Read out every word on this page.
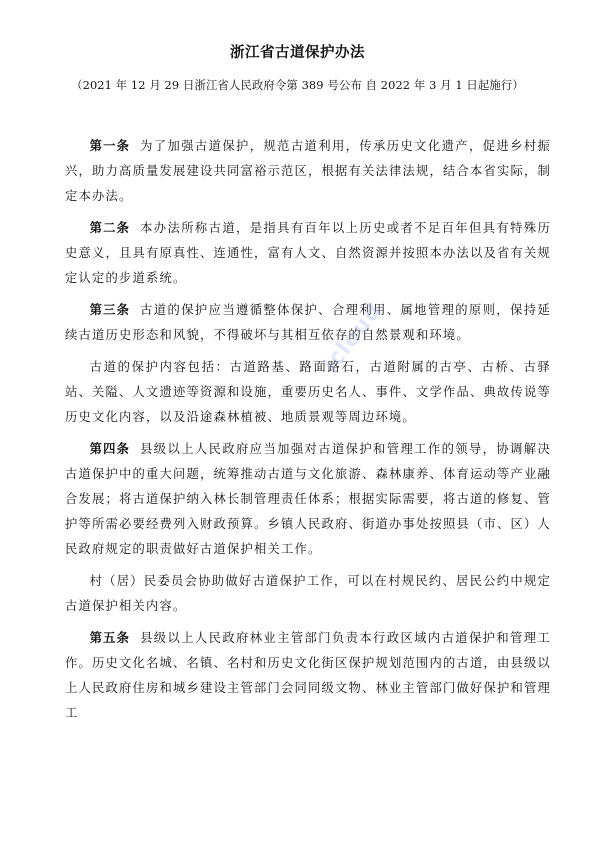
浙江省古道保护办法
（2021 年 12 月 29 日浙江省人民政府令第 389 号公布 自 2022 年 3 月 1 日起施行）

第一条 为了加强古道保护，规范古道利用，传承历史文化遗产，促进乡村振兴，助力高质量发展建设共同富裕示范区，根据有关法律法规，结合本省实际，制定本办法。

第二条 本办法所称古道，是指具有百年以上历史或者不足百年但具有特殊历史意义，且具有原真性、连通性，富有人文、自然资源并按照本办法以及省有关规定认定的步道系统。

第三条 古道的保护应当遵循整体保护、合理利用、属地管理的原则，保持延续古道历史形态和风貌，不得破坏与其相互依存的自然景观和环境。

古道的保护内容包括：古道路基、路面路石，古道附属的古亭、古桥、古驿站、关隘、人文遗迹等资源和设施，重要历史名人、事件、文学作品、典故传说等历史文化内容，以及沿途森林植被、地质景观等周边环境。

第四条 县级以上人民政府应当加强对古道保护和管理工作的领导，协调解决古道保护中的重大问题，统筹推动古道与文化旅游、森林康养、体育运动等产业融合发展；将古道保护纳入林长制管理责任体系；根据实际需要，将古道的修复、管护等所需必要经费列入财政预算。乡镇人民政府、街道办事处按照县（市、区）人民政府规定的职责做好古道保护相关工作。

村（居）民委员会协助做好古道保护工作，可以在村规民约、居民公约中规定古道保护相关内容。

第五条 县级以上人民政府林业主管部门负责本行政区域内古道保护和管理工作。历史文化名城、名镇、名村和历史文化街区保护规划范围内的古道，由县级以上人民政府住房和城乡建设主管部门会同同级文物、林业主管部门做好保护和管理工

icloud
